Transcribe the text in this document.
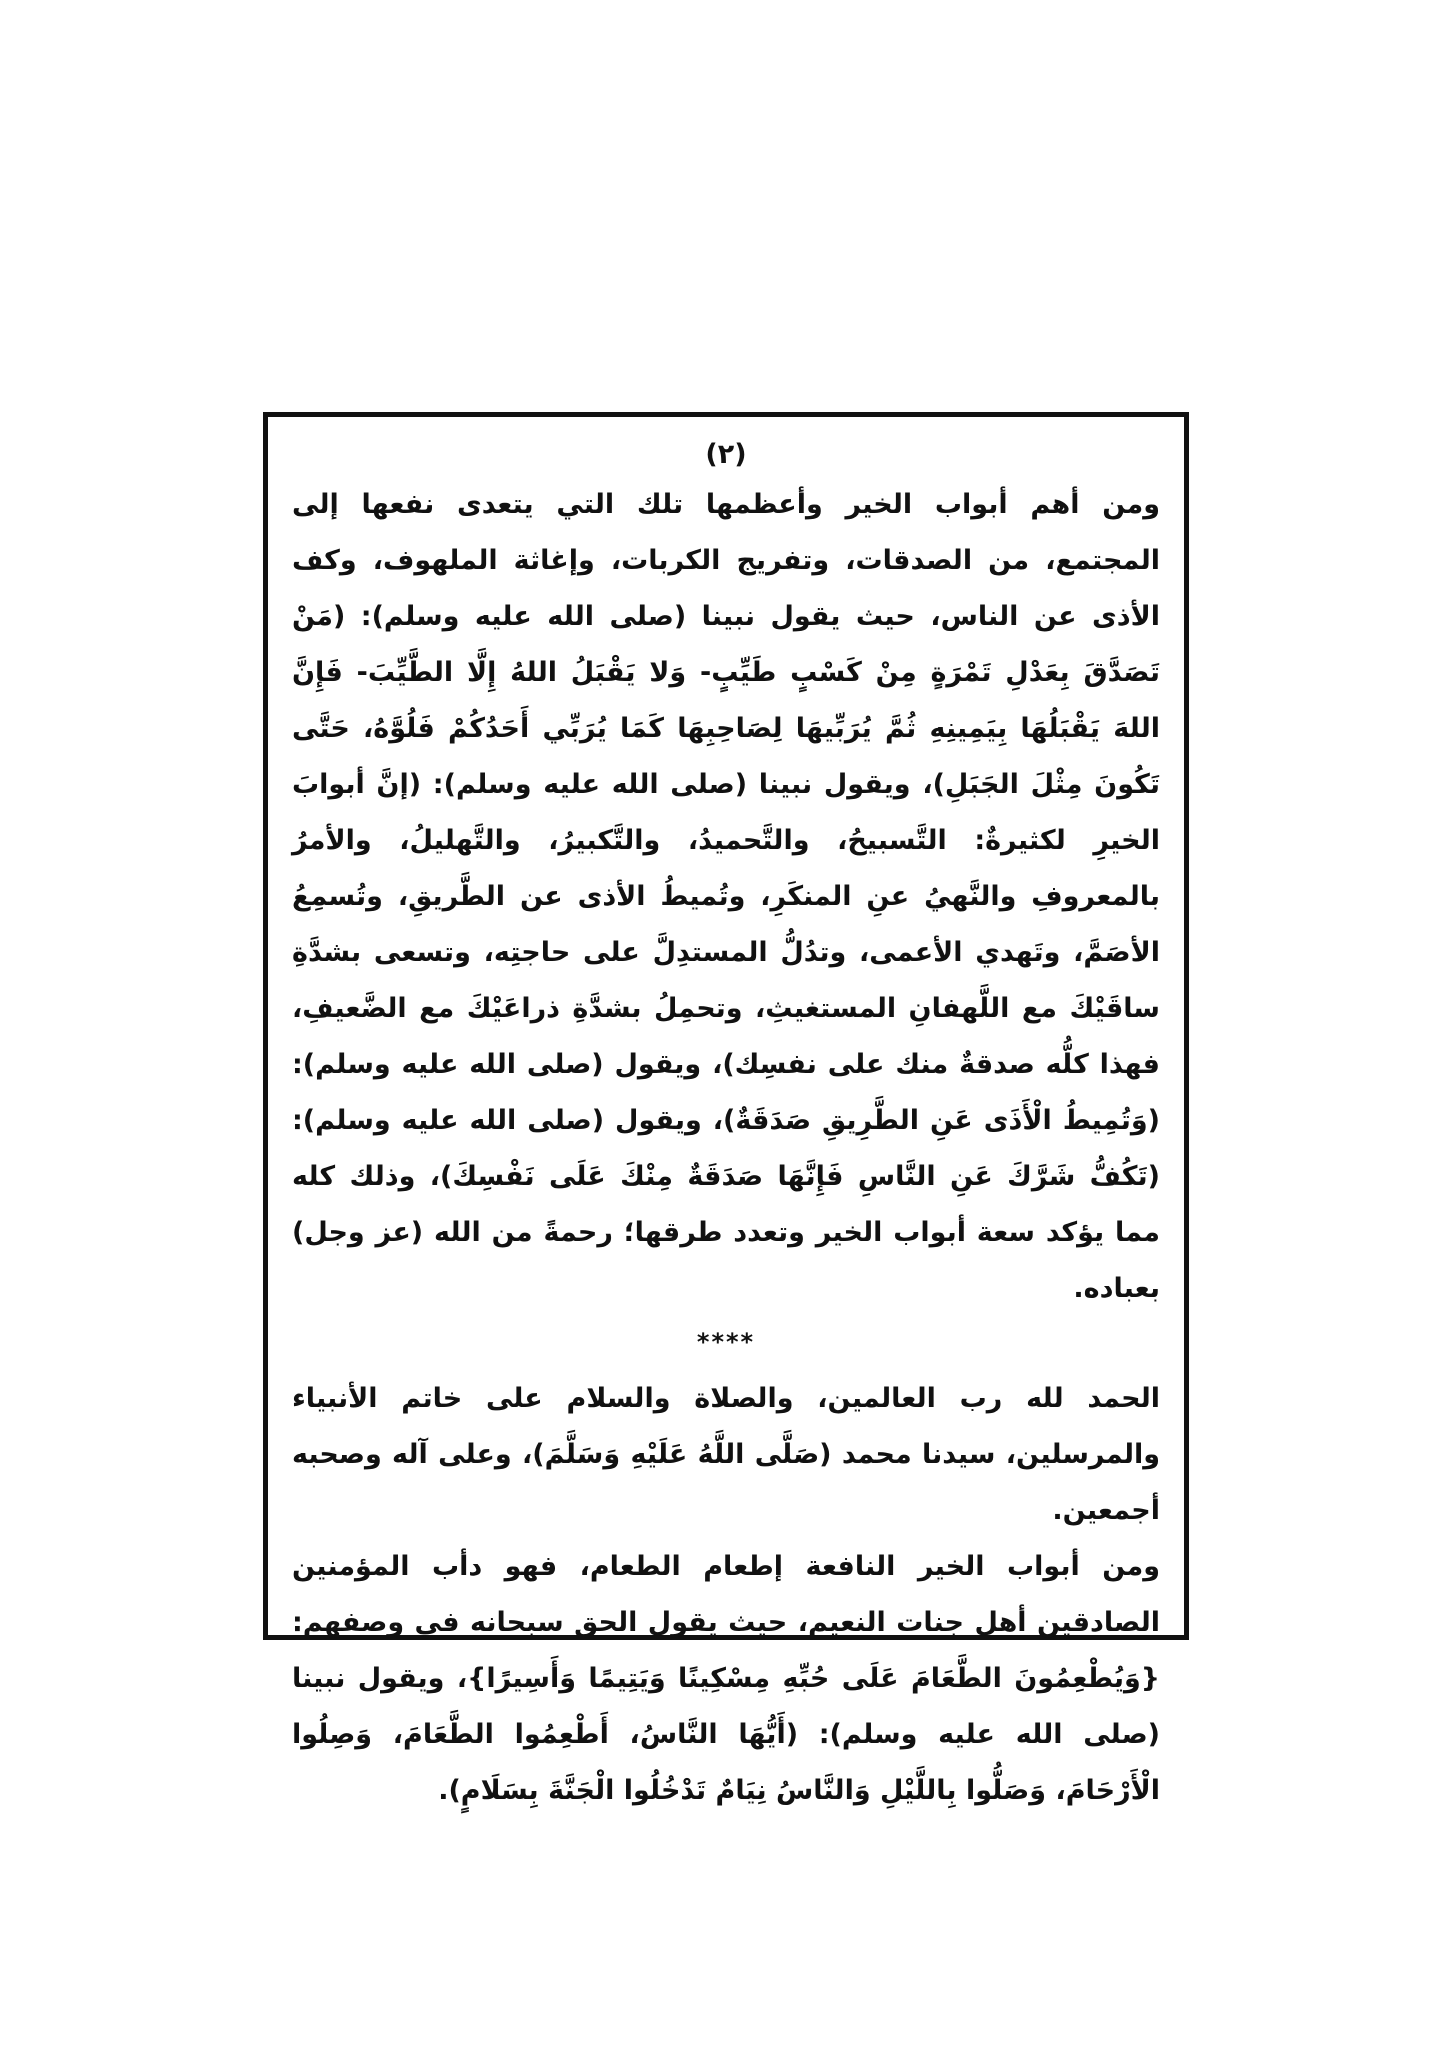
(٢)

ومن أهم أبواب الخير وأعظمها تلك التي يتعدى نفعها إلى المجتمع، من الصدقات، وتفريج الكربات، وإغاثة الملهوف، وكف الأذى عن الناس، حيث يقول نبينا (صلى الله عليه وسلم): (مَنْ تَصَدَّقَ بِعَدْلِ تَمْرَةٍ مِنْ كَسْبٍ طَيِّبٍ- وَلا يَقْبَلُ اللهُ إِلَّا الطَّيِّبَ- فَإِنَّ اللهَ يَقْبَلُهَا بِيَمِينِهِ ثُمَّ يُرَبِّيهَا لِصَاحِبِهَا كَمَا يُرَبِّي أَحَدُكُمْ فَلُوَّهُ، حَتَّى تَكُونَ مِثْلَ الجَبَلِ)، ويقول نبينا (صلى الله عليه وسلم): (إنَّ أبوابَ الخيرِ لكثيرةٌ: التَّسبيحُ، والتَّحميدُ، والتَّكبيرُ، والتَّهليلُ، والأمرُ بالمعروفِ والنَّهيُ عنِ المنكَرِ، وتُميطُ الأذى عن الطَّريقِ، وتُسمِعُ الأصَمَّ، وتَهدي الأعمى، وتدُلُّ المستدِلَّ على حاجتِه، وتسعى بشدَّةِ ساقَيْكَ مع اللَّهفانِ المستغيثِ، وتحمِلُ بشدَّةِ ذراعَيْكَ مع الضَّعيفِ، فهذا كلُّه صدقةٌ منك على نفسِك)، ويقول (صلى الله عليه وسلم): (وَتُمِيطُ الْأَذَى عَنِ الطَّرِيقِ صَدَقَةٌ)، ويقول (صلى الله عليه وسلم): (تَكُفُّ شَرَّكَ عَنِ النَّاسِ فَإِنَّهَا صَدَقَةٌ مِنْكَ عَلَى نَفْسِكَ)، وذلك كله مما يؤكد سعة أبواب الخير وتعدد طرقها؛ رحمةً من الله (عز وجل) بعباده.

****

الحمد لله رب العالمين، والصلاة والسلام على خاتم الأنبياء والمرسلين، سيدنا محمد (صَلَّى اللَّهُ عَلَيْهِ وَسَلَّمَ)، وعلى آله وصحبه أجمعين.

ومن أبواب الخير النافعة إطعام الطعام، فهو دأب المؤمنين الصادقين أهل جنات النعيم، حيث يقول الحق سبحانه في وصفهم: {وَيُطْعِمُونَ الطَّعَامَ عَلَى حُبِّهِ مِسْكِينًا وَيَتِيمًا وَأَسِيرًا}، ويقول نبينا (صلى الله عليه وسلم): (أَيُّهَا النَّاسُ، أَطْعِمُوا الطَّعَامَ، وَصِلُوا الْأَرْحَامَ، وَصَلُّوا بِاللَّيْلِ وَالنَّاسُ نِيَامٌ تَدْخُلُوا الْجَنَّةَ بِسَلَامٍ).
